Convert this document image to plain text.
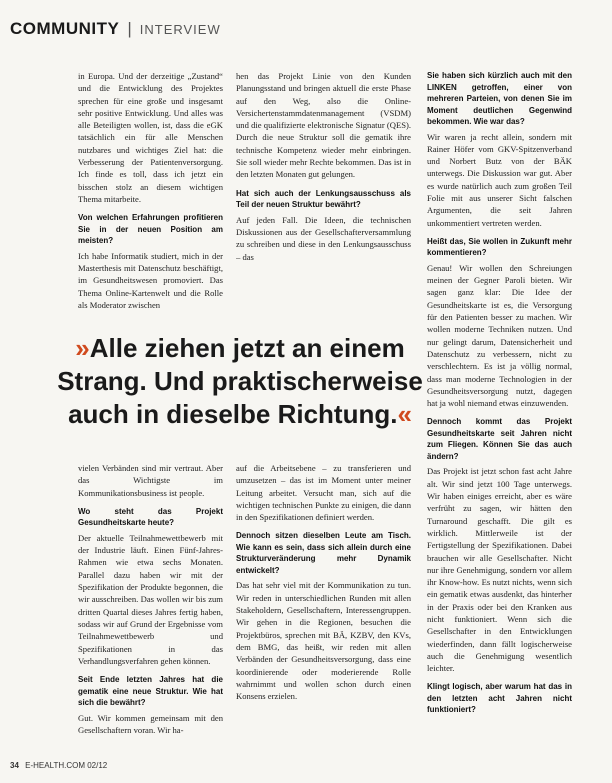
COMMUNITY | INTERVIEW

in Europa. Und der derzeitige „Zustand“ und die Entwicklung des Projektes sprechen für eine große und insgesamt sehr positive Entwicklung. Und alles was alle Beteiligten wollen, ist, dass die eGK tatsächlich ein für alle Menschen nutzbares und wichtiges Ziel hat: die Verbesserung der Patientenversorgung. Ich finde es toll, dass ich jetzt ein bisschen stolz an diesem wichtigen Thema mitarbeite.

Von welchen Erfahrungen profitieren Sie in der neuen Position am meisten?

Ich habe Informatik studiert, mich in der Masterthesis mit Datenschutz beschäftigt, im Gesundheitswesen promoviert. Das Thema Online-Kartenwelt und die Rolle als Moderator zwischen

hen das Projekt Linie von den Kunden Planungsstand und bringen aktuell die erste Phase auf den Weg, also die Online-Versichertenstammdatenmanagement (VSDM) und die qualifizierte elektronische Signatur (QES). Durch die neue Struktur soll die gematik ihre technische Kompetenz wieder mehr einbringen. Sie soll wieder mehr Rechte bekommen. Das ist in den letzten Monaten gut gelungen.

Hat sich auch der Lenkungsausschuss als Teil der neuen Struktur bewährt?

Auf jeden Fall. Die Ideen, die technischen Diskussionen aus der Gesellschafterversammlung zu schreiben und diese in den Lenkungsausschuss – das

Sie haben sich kürzlich auch mit den LINKEN getroffen, einer von mehreren Parteien, von denen Sie im Moment deutlichen Gegenwind bekommen. Wie war das?

Wir waren ja recht allein, sondern mit Rainer Höfer vom GKV-Spitzenverband und Norbert Butz von der BÄK unterwegs. Die Diskussion war gut. Aber es wurde natürlich auch zum großen Teil Folie mit aus unserer Sicht falschen Argumenten, die seit Jahren unkommentiert vertreten werden.

Heißt das, Sie wollen in Zukunft mehr kommentieren?

Genau! Wir wollen den Schreiungen meinen der Gegner Paroli bieten. Wir sagen ganz klar: Die Idee der Gesundheitskarte ist es, die Versorgung für den Patienten besser zu machen. Wir wollen moderne Techniken nutzen. Und nur gelingt darum, Datensicherheit und Datenschutz zu verbessern, nicht zu verschlechtern. Es ist ja völlig normal, dass man moderne Technologien in der Gesundheitsversorgung nutzt, dagegen hat ja wohl niemand etwas einzuwenden.

Dennoch kommt das Projekt Gesundheitskarte seit Jahren nicht zum Fliegen. Können Sie das auch ändern?

Das Projekt ist jetzt schon fast acht Jahre alt. Wir sind jetzt 100 Tage unterwegs. Wir haben einiges erreicht, aber es wäre verfrüht zu sagen, wir hätten den Turnaround geschafft. Die gilt es wirklich. Mittlerweile ist der Fertigstellung der Spezifikationen. Dabei brauchen wir alle Gesellschafter. Nicht nur ihre Genehmigung, sondern vor allem ihr Know-how. Es nutzt nichts, wenn sich ein gematik etwas ausdenkt, das hinterher in der Praxis oder bei den Kranken aus nicht funktioniert. Wenn sich die Gesellschafter in den Entwicklungen wiederfinden, dann fällt logischerweise auch die Genehmigung wesentlich leichter.

Klingt logisch, aber warum hat das in den letzten acht Jahren nicht funktioniert?
»Alle ziehen jetzt an einem Strang. Und praktischerweise auch in dieselbe Richtung.«

vielen Verbänden sind mir vertraut. Aber das Wichtigste im Kommunikationsbusiness ist people.

Wo steht das Projekt Gesundheitskarte heute?

Der aktuelle Teilnahmewettbewerb mit der Industrie läuft. Einen Fünf-Jahres-Rahmen wie etwa sechs Monaten. Parallel dazu haben wir mit der Spezifikation der Produkte begonnen, die wir ausschreiben. Das wollen wir bis zum dritten Quartal dieses Jahres fertig haben, sodass wir auf Grund der Ergebnisse vom Teilnahmewettbewerb und Spezifikationen in das Verhandlungsverfahren gehen können.

Seit Ende letzten Jahres hat die gematik eine neue Struktur. Wie hat sich die bewährt?

Gut. Wir kommen gemeinsam mit den Gesellschaftern voran. Wir ha-

auf die Arbeitsebene – zu transferieren und umzusetzen – das ist im Moment unter meiner Leitung arbeitet. Versucht man, sich auf die wichtigen technischen Punkte zu einigen, die dann in den Spezifikationen definiert werden.

Dennoch sitzen dieselben Leute am Tisch. Wie kann es sein, dass sich allein durch eine Strukturveränderung mehr Dynamik entwickelt?

Das hat sehr viel mit der Kommunikation zu tun. Wir reden in unterschiedlichen Runden mit allen Stakeholdern, Gesellschaftern, Interessengruppen. Wir gehen in die Regionen, besuchen die Projektbüros, sprechen mit BÄ, KZBV, den KVs, dem BMG, das heißt, wir reden mit allen Verbänden der Gesundheitsversorgung, dass eine koordinierende oder moderierende Rolle wahrnimmt und wollen schon durch einen Konsens erzielen.

34 E-HEALTH.COM 02/12
